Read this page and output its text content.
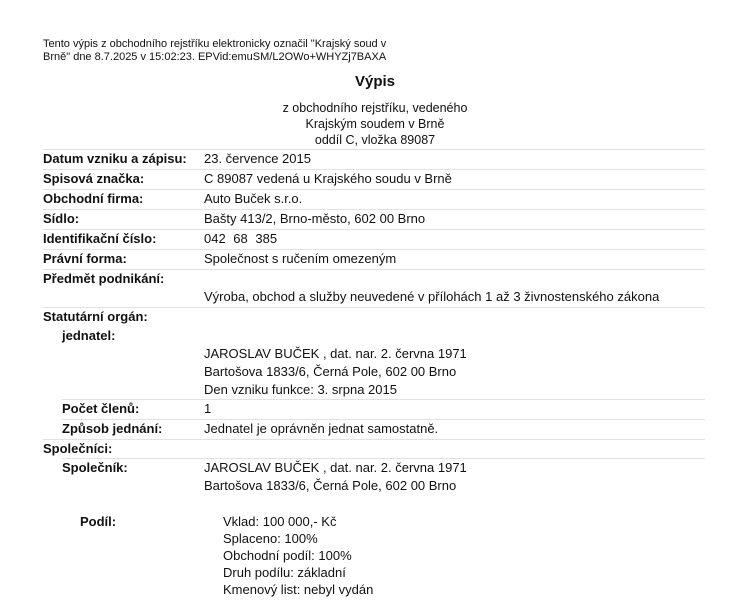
Tento výpis z obchodního rejstříku elektronicky označil "Krajský soud v
Brně" dne 8.7.2025 v 15:02:23. EPVid:emuSM/L2OWo+WHYZj7BAXA
Výpis
z obchodního rejstříku, vedeného
Krajským soudem v Brně
oddíl C, vložka 89087
Datum vzniku a zápisu: 23. července 2015
Spisová značka:	C 89087 vedená u Krajského soudu v Brně
Obchodní firma:	Auto Buček s.r.o.
Sídlo:	Bašty 413/2, Brno-město, 602 00 Brno
Identifikační číslo:	042 68 385
Právní forma:	Společnost s ručením omezeným
Předmět podnikání:
Výroba, obchod a služby neuvedené v přílohách 1 až 3 živnostenského zákona
Statutární orgán:
jednatel:
JAROSLAV BUČEK , dat. nar. 2. června 1971
Bartošova 1833/6, Černá Pole, 602 00 Brno
Den vzniku funkce: 3. srpna 2015
Počet členů:	1
Způsob jednání:	Jednatel je oprávněn jednat samostatně.
Společníci:
Společník:	JAROSLAV BUČEK , dat. nar. 2. června 1971
Bartošova 1833/6, Černá Pole, 602 00 Brno
Podíl:	Vklad: 100 000,- Kč
Splaceno: 100%
Obchodní podíl: 100%
Druh podílu: základní
Kmenový list: nebyl vydán
